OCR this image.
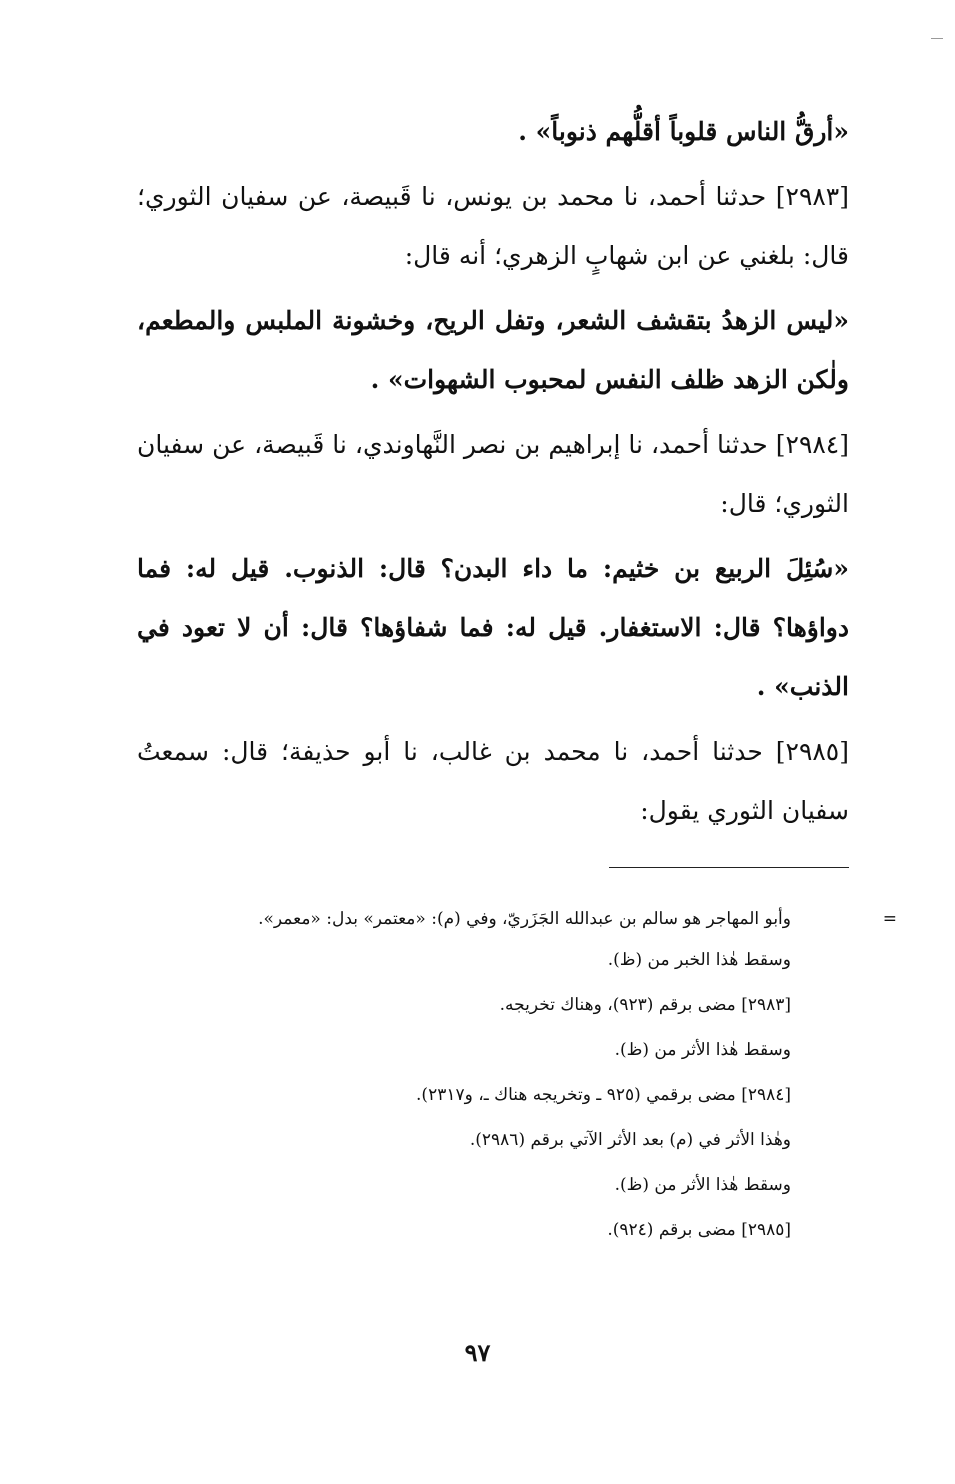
«أرقُّ الناس قلوباً أقلُّهم ذنوباً» .

[٢٩٨٣] حدثنا أحمد، نا محمد بن يونس، نا قَبيصة، عن سفيان الثوري؛ قال: بلغني عن ابن شهابٍ الزهري؛ أنه قال:

«ليس الزهدُ بتقشف الشعر، وتفل الريح، وخشونة الملبس والمطعم، ولٰكن الزهد ظلف النفس لمحبوب الشهوات» .

[٢٩٨٤] حدثنا أحمد، نا إبراهيم بن نصر النَّهاوندي، نا قَبيصة، عن سفيان الثوري؛ قال:

«سُئِلَ الربيع بن خثيم: ما داء البدن؟ قال: الذنوب. قيل له: فما دواؤها؟ قال: الاستغفار. قيل له: فما شفاؤها؟ قال: أن لا تعود في الذنب» .

[٢٩٨٥] حدثنا أحمد، نا محمد بن غالب، نا أبو حذيفة؛ قال: سمعتُ سفيان الثوري يقول:

=
وأبو المهاجر هو سالم بن عبدالله الجَزَريّ، وفي (م): «معتمر» بدل: «معمر».

وسقط هٰذا الخبر من (ظ).

[٢٩٨٣] مضى برقم (٩٢٣)، وهناك تخريجه.

وسقط هٰذا الأثر من (ظ).

[٢٩٨٤] مضى برقمي (٩٢٥ ـ وتخريجه هناك ـ، و٢٣١٧).

وهٰذا الأثر في (م) بعد الأثر الآتي برقم (٢٩٨٦).

وسقط هٰذا الأثر من (ظ).

[٢٩٨٥] مضى برقم (٩٢٤).

٩٧
